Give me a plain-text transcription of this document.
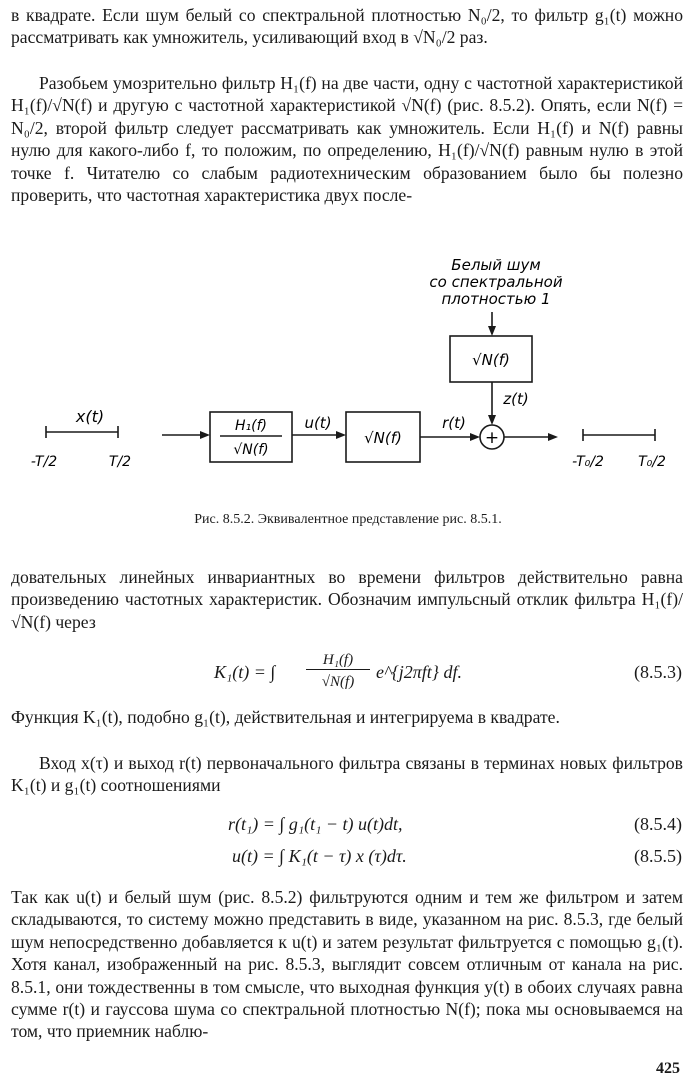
в квадрате. Если шум белый со спектральной плотностью N₀/2, то фильтр g₁(t) можно рассматривать как умножитель, усиливающий вход в √N₀/2 раз.
Разобьем умозрительно фильтр H₁(f) на две части, одну с частотной характеристикой H₁(f)/√N(f) и другую с частотной характеристикой √N(f) (рис. 8.5.2). Опять, если N(f) = N₀/2, второй фильтр следует рассматривать как умножитель. Если H₁(f) и N(f) равны нулю для какого-либо f, то положим, по определению, H₁(f)/√N(f) равным нулю в этой точке f. Читателю со слабым радиотехническим образованием было бы полезно проверить, что частотная характеристика двух после-
Белый шум
со спектральной
плотностью 1
x(t)
-T/2	T/2
H₁(f)
√N(f)
u(t)
√N(f)
r(t)
√N(f)
z(t)
+
-T₀/2 T₀/2
Рис. 8.5.2. Эквивалентное представление рис. 8.5.1.
довательных линейных инвариантных во времени фильтров действительно равна произведению частотных характеристик. Обозначим импульсный отклик фильтра H₁(f)/√N(f) через
K₁(t) = ∫
H₁(f)
√N(f)	e^{j2πft} df.	(8.5.3)
Функция K₁(t), подобно g₁(t), действительная и интегрируема в квадрате.
Вход x(τ) и выход r(t) первоначального фильтра связаны в терминах новых фильтров K₁(t) и g₁(t) соотношениями
r(t₁) = ∫ g₁(t₁ − t) u(t)dt,	(8.5.4)
u(t) = ∫ K₁(t − τ) x (τ)dτ.	(8.5.5)
Так как u(t) и белый шум (рис. 8.5.2) фильтруются одним и тем же фильтром и затем складываются, то систему можно представить в виде, указанном на рис. 8.5.3, где белый шум непосредственно добавляется к u(t) и затем результат фильтруется с помощью g₁(t). Хотя канал, изображенный на рис. 8.5.3, выглядит совсем отличным от канала на рис. 8.5.1, они тождественны в том смысле, что выходная функция y(t) в обоих случаях равна сумме r(t) и гауссова шума со спектральной плотностью N(f); пока мы основываемся на том, что приемник наблю-
425
